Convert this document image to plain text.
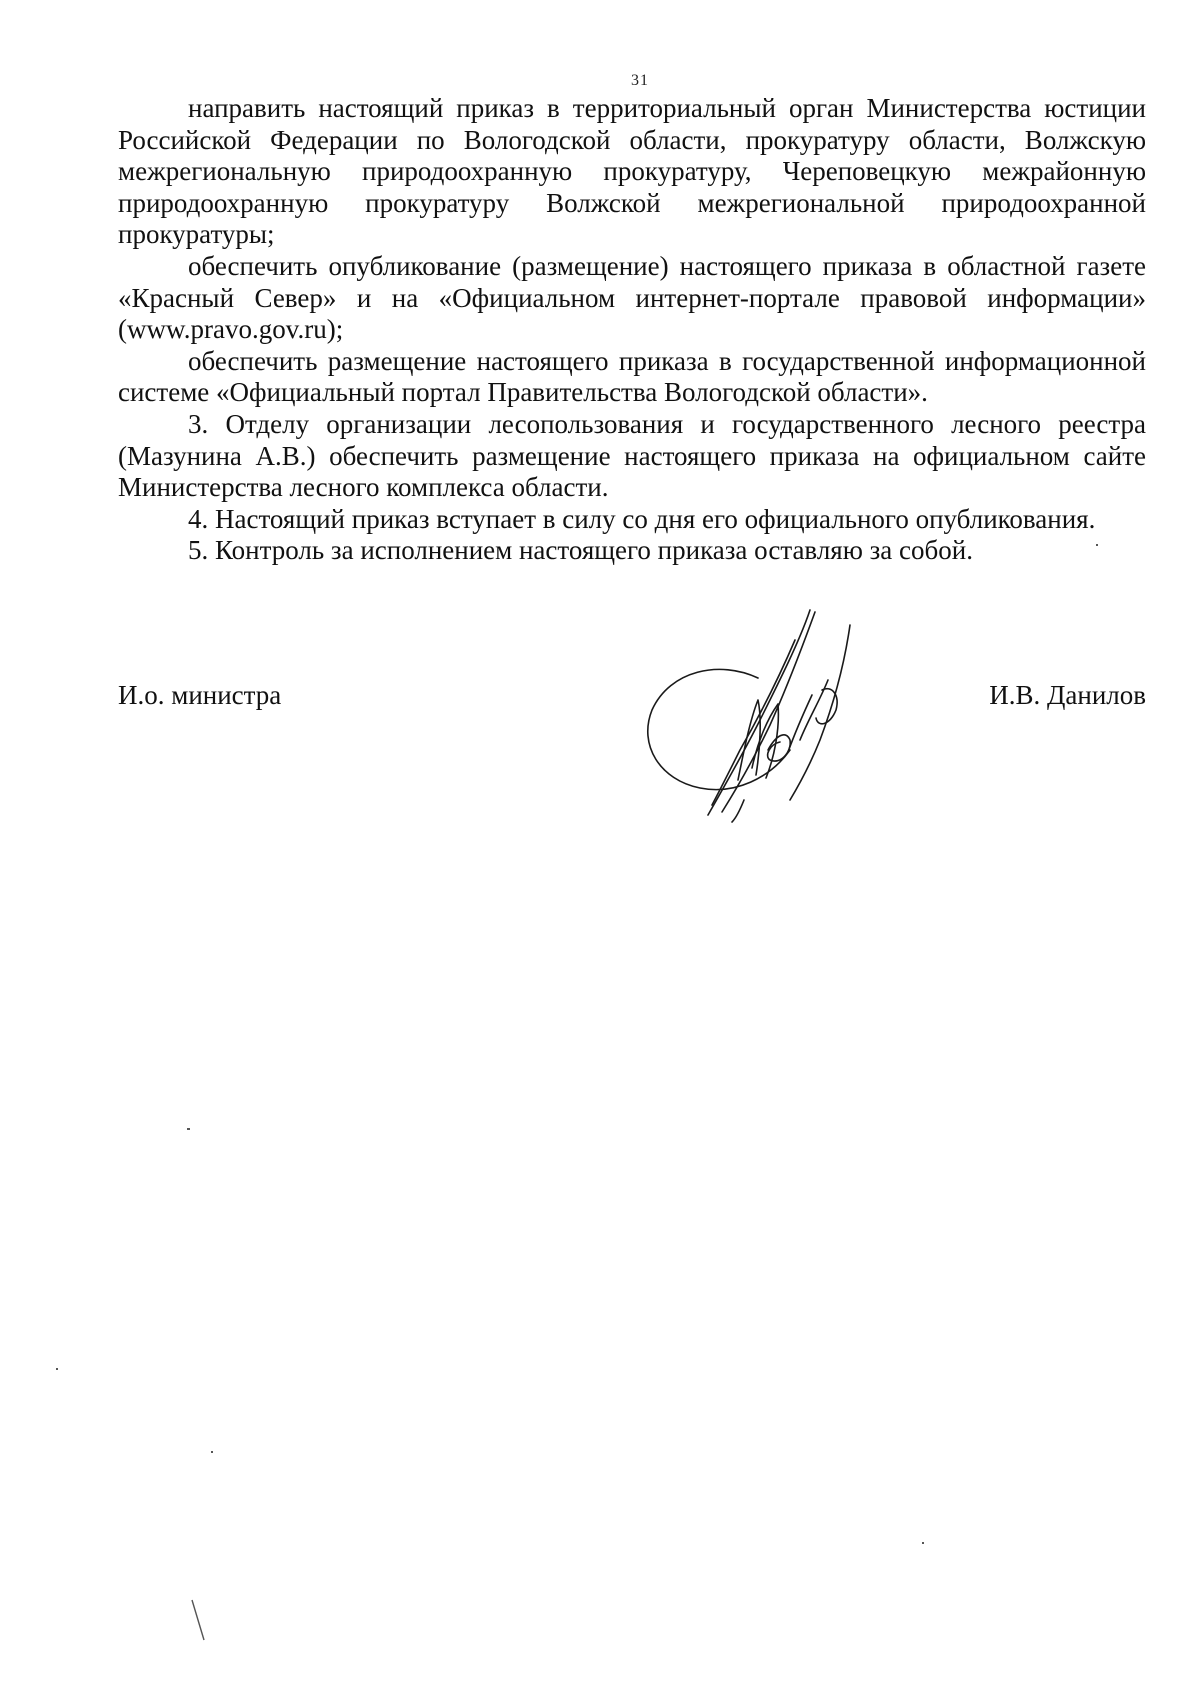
31

направить настоящий приказ в территориальный орган Министерства юстиции Российской Федерации по Вологодской области, прокуратуру области, Волжскую межрегиональную природоохранную прокуратуру, Череповецкую межрайонную природоохранную прокуратуру Волжской межрегиональной природоохранной прокуратуры;

обеспечить опубликование (размещение) настоящего приказа в областной газете «Красный Север» и на «Официальном интернет-портале правовой информации» (www.pravo.gov.ru);

обеспечить размещение настоящего приказа в государственной информационной системе «Официальный портал Правительства Вологодской области».

3. Отделу организации лесопользования и государственного лесного реестра (Мазунина А.В.) обеспечить размещение настоящего приказа на официальном сайте Министерства лесного комплекса области.

4. Настоящий приказ вступает в силу со дня его официального опубликования.

5. Контроль за исполнением настоящего приказа оставляю за собой.

И.о. министра	И.В. Данилов
